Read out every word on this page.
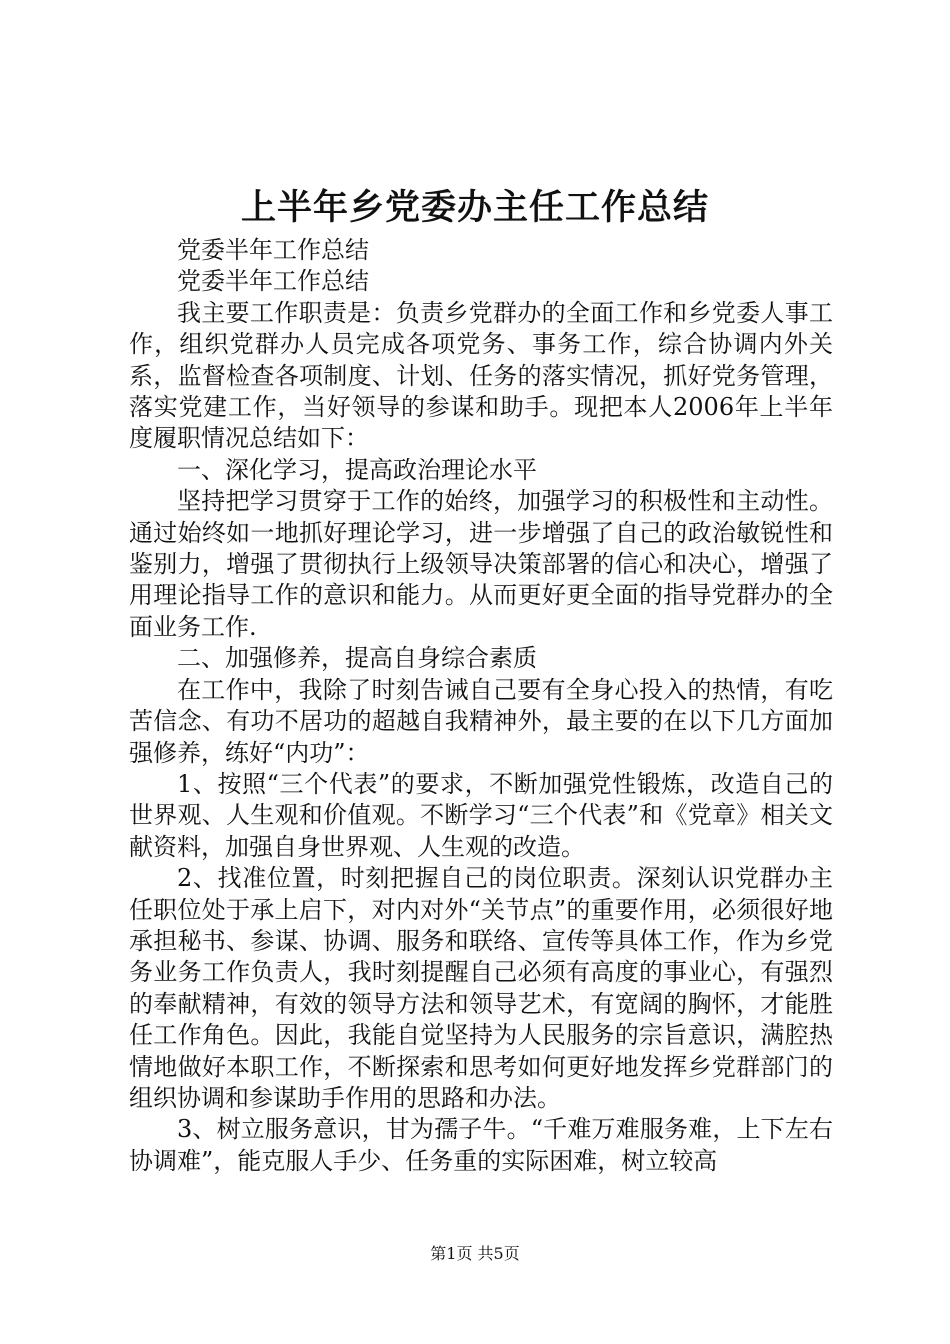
上半年乡党委办主任工作总结

党委半年工作总结

党委半年工作总结

我主要工作职责是：负责乡党群办的全面工作和乡党委人事工作，组织党群办人员完成各项党务、事务工作，综合协调内外关系，监督检查各项制度、计划、任务的落实情况，抓好党务管理，落实党建工作，当好领导的参谋和助手。现把本人2006年上半年度履职情况总结如下：

一、深化学习，提高政治理论水平

坚持把学习贯穿于工作的始终，加强学习的积极性和主动性。通过始终如一地抓好理论学习，进一步增强了自己的政治敏锐性和鉴别力，增强了贯彻执行上级领导决策部署的信心和决心，增强了用理论指导工作的意识和能力。从而更好更全面的指导党群办的全面业务工作.

二、加强修养，提高自身综合素质

在工作中，我除了时刻告诫自己要有全身心投入的热情，有吃苦信念、有功不居功的超越自我精神外，最主要的在以下几方面加强修养，练好“内功”：

1、按照“三个代表”的要求，不断加强党性锻炼，改造自己的世界观、人生观和价值观。不断学习“三个代表”和《党章》相关文献资料，加强自身世界观、人生观的改造。

2、找准位置，时刻把握自己的岗位职责。深刻认识党群办主任职位处于承上启下，对内对外“关节点”的重要作用，必须很好地承担秘书、参谋、协调、服务和联络、宣传等具体工作，作为乡党务业务工作负责人，我时刻提醒自己必须有高度的事业心，有强烈的奉献精神，有效的领导方法和领导艺术，有宽阔的胸怀，才能胜任工作角色。因此，我能自觉坚持为人民服务的宗旨意识，满腔热情地做好本职工作，不断探索和思考如何更好地发挥乡党群部门的组织协调和参谋助手作用的思路和办法。

3、树立服务意识，甘为孺子牛。“千难万难服务难，上下左右协调难”，能克服人手少、任务重的实际困难，树立较高

第1页 共5页
